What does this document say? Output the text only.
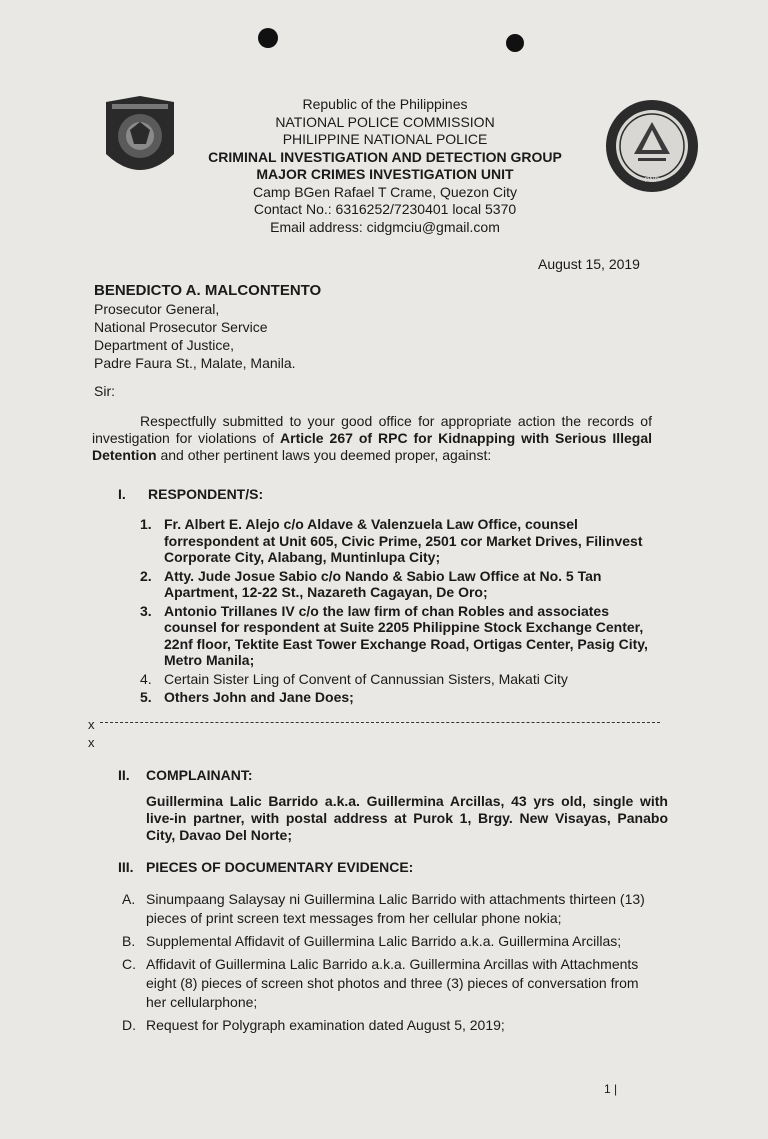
PNP
Republic of the Philippines
NATIONAL POLICE COMMISSION
PHILIPPINE NATIONAL POLICE
CRIMINAL INVESTIGATION AND DETECTION GROUP
MAJOR CRIMES INVESTIGATION UNIT
Camp BGen Rafael T Crame, Quezon City
Contact No.: 6316252/7230401 local 5370
Email address: cidgmciu@gmail.com
August 15, 2019
BENEDICTO A. MALCONTENTO
Prosecutor General,
National Prosecutor Service
Department of Justice,
Padre Faura St., Malate, Manila.
Sir:
Respectfully submitted to your good office for appropriate action the records of investigation for violations of Article 267 of RPC for Kidnapping with Serious Illegal Detention and other pertinent laws you deemed proper, against:
I. RESPONDENT/S:
1. Fr. Albert E. Alejo c/o Aldave & Valenzuela Law Office, counsel forrespondent at Unit 605, Civic Prime, 2501 cor Market Drives, Filinvest Corporate City, Alabang, Muntinlupa City;
2. Atty. Jude Josue Sabio c/o Nando & Sabio Law Office at No. 5 Tan Apartment, 12-22 St., Nazareth Cagayan, De Oro;
3. Antonio Trillanes IV c/o the law firm of chan Robles and associates counsel for respondent at Suite 2205 Philippine Stock Exchange Center, 22nf floor, Tektite East Tower Exchange Road, Ortigas Center, Pasig City, Metro Manila;
4. Certain Sister Ling of Convent of Cannussian Sisters, Makati City
5. Others John and Jane Does;
x
x
II. COMPLAINANT:
Guillermina Lalic Barrido a.k.a. Guillermina Arcillas, 43 yrs old, single with live-in partner, with postal address at Purok 1, Brgy. New Visayas, Panabo City, Davao Del Norte;
III. PIECES OF DOCUMENTARY EVIDENCE:
A. Sinumpaang Salaysay ni Guillermina Lalic Barrido with attachments thirteen (13) pieces of print screen text messages from her cellular phone nokia;
B. Supplemental Affidavit of Guillermina Lalic Barrido a.k.a. Guillermina Arcillas;
C. Affidavit of Guillermina Lalic Barrido a.k.a. Guillermina Arcillas with Attachments eight (8) pieces of screen shot photos and three (3) pieces of conversation from her cellularphone;
D. Request for Polygraph examination dated August 5, 2019;
1 |
